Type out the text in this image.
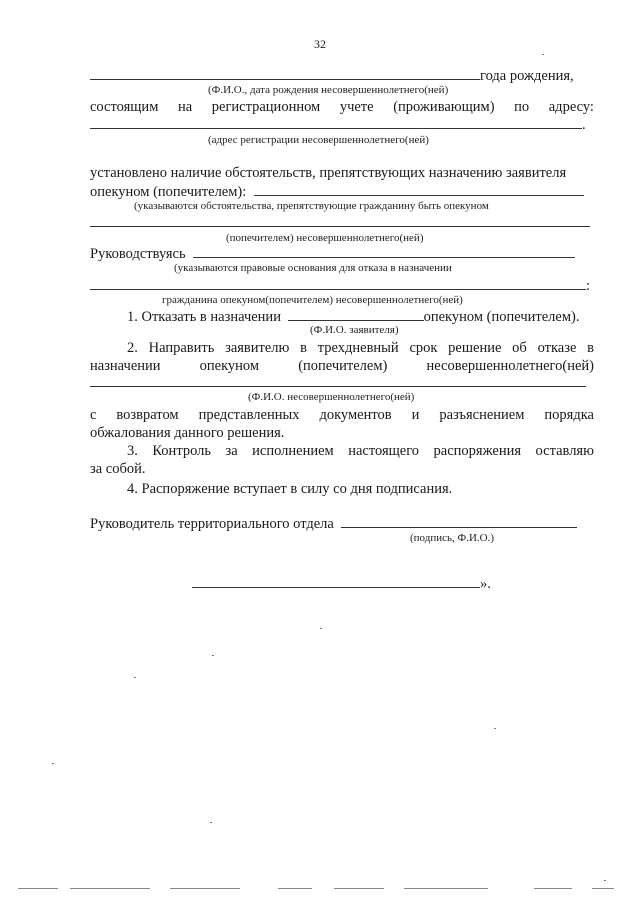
32
года рождения,
(Ф.И.О., дата рождения несовершеннолетнего(ней)
состоящим на регистрационном учете (проживающим) по адресу:
.
(адрес регистрации несовершеннолетнего(ней)
установлено наличие обстоятельств, препятствующих назначению заявителя
опекуном (попечителем):
(указываются обстоятельства, препятствующие гражданину быть опекуном
(попечителем) несовершеннолетнего(ней)
Руководствуясь
(указываются правовые основания для отказа в назначении
:
гражданина опекуном(попечителем) несовершеннолетнего(ней)
1. Отказать в назначении	опекуном (попечителем).
(Ф.И.О. заявителя)
2. Направить заявителю в трехдневный срок решение об отказе в
назначении	опекуном	(попечителем)	несовершеннолетнего(ней)
(Ф.И.О. несовершеннолетнего(ней)
с возвратом представленных документов и разъяснением порядка
обжалования данного решения.
3. Контроль за исполнением настоящего распоряжения оставляю
за собой.
4. Распоряжение вступает в силу со дня подписания.
Руководитель территориального отдела
(подпись, Ф.И.О.)
».
